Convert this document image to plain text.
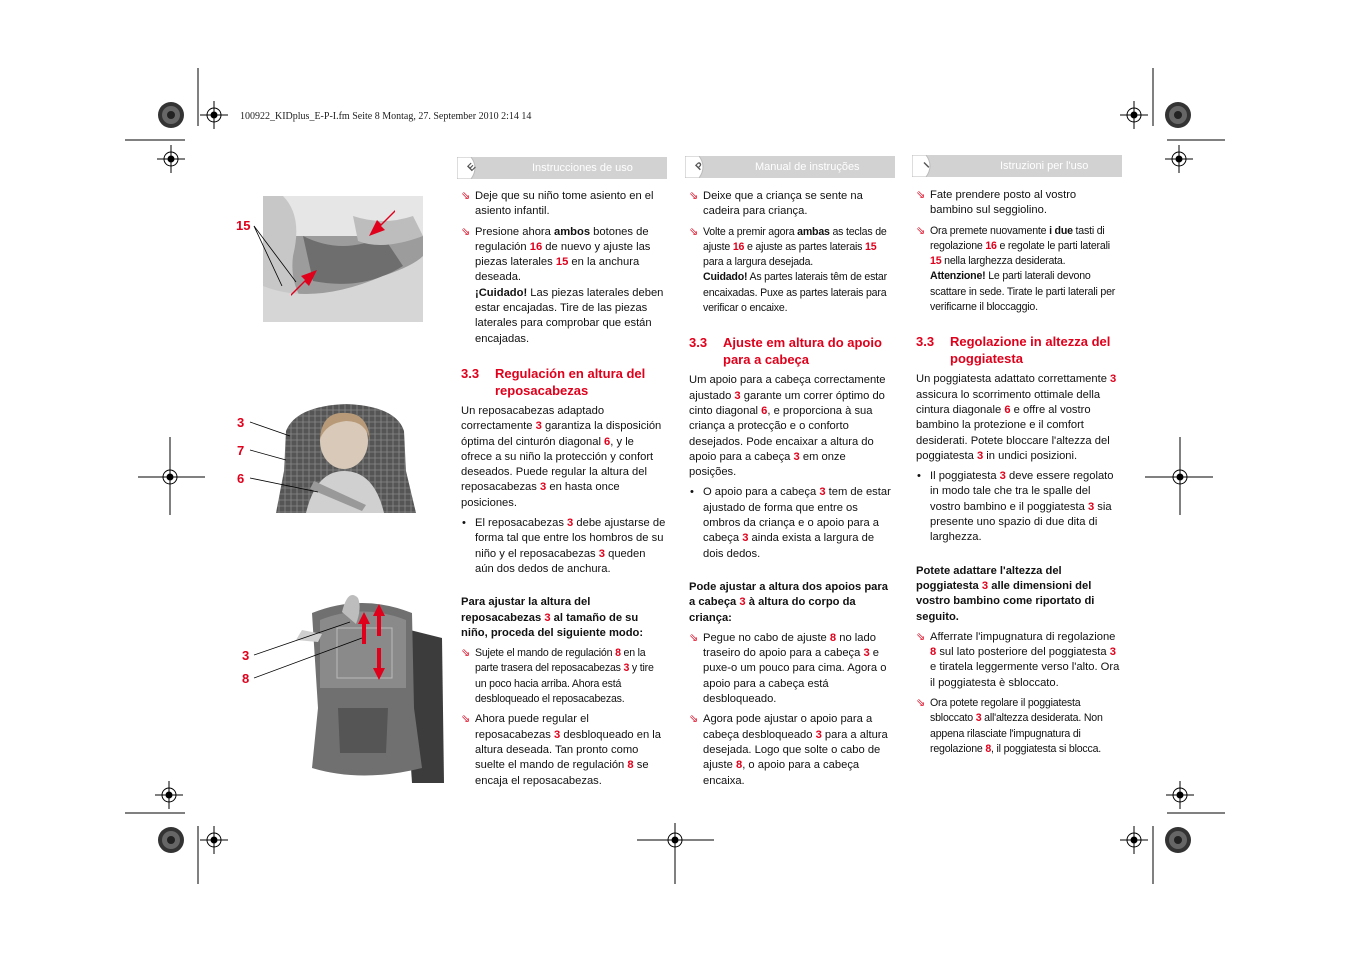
100922_KIDplus_E-P-I.fm Seite 8 Montag, 27. September 2010 2:14 14
E	Instrucciones de uso	P	Manual de instruções	I	Istruzioni per l'uso
15
3
7
6
3
8
⇘ Deje que su niño tome asiento en el asiento infantil.

⇘ Presione ahora ambos botones de regulación 16 de nuevo y ajuste las piezas laterales 15 en la anchura deseada.

¡Cuidado! Las piezas laterales deben estar encajadas. Tire de las piezas laterales para comprobar que están encajadas.

3.3 Regulación en altura del reposacabezas

Un reposacabezas adaptado correctamente 3 garantiza la disposición óptima del cinturón diagonal 6, y le ofrece a su niño la protección y confort deseados. Puede regular la altura del reposacabezas 3 en hasta once posiciones.

• El reposacabezas 3 debe ajustarse de forma tal que entre los hombros de su niño y el reposacabezas 3 queden aún dos dedos de anchura.

Para ajustar la altura del reposacabezas 3 al tamaño de su niño, proceda del siguiente modo:

⇘ Sujete el mando de regulación 8 en la parte trasera del reposacabezas 3 y tire un poco hacia arriba. Ahora está desbloqueado el reposacabezas.

⇘ Ahora puede regular el reposacabezas 3 desbloqueado en la altura deseada. Tan pronto como suelte el mando de regulación 8 se encaja el reposacabezas.

⇘ Deixe que a criança se sente na cadeira para criança.

⇘ Volte a premir agora ambas as teclas de ajuste 16 e ajuste as partes laterais 15 para a largura desejada.

Cuidado! As partes laterais têm de estar encaixadas. Puxe as partes laterais para verificar o encaixe.

3.3 Ajuste em altura do apoio para a cabeça

Um apoio para a cabeça correctamente ajustado 3 garante um correr óptimo do cinto diagonal 6, e proporciona à sua criança a protecção e o conforto desejados. Pode encaixar a altura do apoio para a cabeça 3 em onze posições.

• O apoio para a cabeça 3 tem de estar ajustado de forma que entre os ombros da criança e o apoio para a cabeça 3 ainda exista a largura de dois dedos.

Pode ajustar a altura dos apoios para a cabeça 3 à altura do corpo da criança:

⇘ Pegue no cabo de ajuste 8 no lado traseiro do apoio para a cabeça 3 e puxe-o um pouco para cima. Agora o apoio para a cabeça está desbloqueado.

⇘ Agora pode ajustar o apoio para a cabeça desbloqueado 3 para a altura desejada. Logo que solte o cabo de ajuste 8, o apoio para a cabeça encaixa.

⇘ Fate prendere posto al vostro bambino sul seggiolino.

⇘ Ora premete nuovamente i due tasti di regolazione 16 e regolate le parti laterali 15 nella larghezza desiderata.

Attenzione! Le parti laterali devono scattare in sede. Tirate le parti laterali per verificarne il bloccaggio.

3.3 Regolazione in altezza del poggiatesta

Un poggiatesta adattato correttamente 3 assicura lo scorrimento ottimale della cintura diagonale 6 e offre al vostro bambino la protezione e il comfort desiderati. Potete bloccare l'altezza del poggiatesta 3 in undici posizioni.

• Il poggiatesta 3 deve essere regolato in modo tale che tra le spalle del vostro bambino e il poggiatesta 3 sia presente uno spazio di due dita di larghezza.

Potete adattare l'altezza del poggiatesta 3 alle dimensioni del vostro bambino come riportato di seguito.

⇘ Afferrate l'impugnatura di regolazione 8 sul lato posteriore del poggiatesta 3 e tiratela leggermente verso l'alto. Ora il poggiatesta è sbloccato.

⇘ Ora potete regolare il poggiatesta sbloccato 3 all'altezza desiderata. Non appena rilasciate l'impugnatura di regolazione 8, il poggiatesta si blocca.
